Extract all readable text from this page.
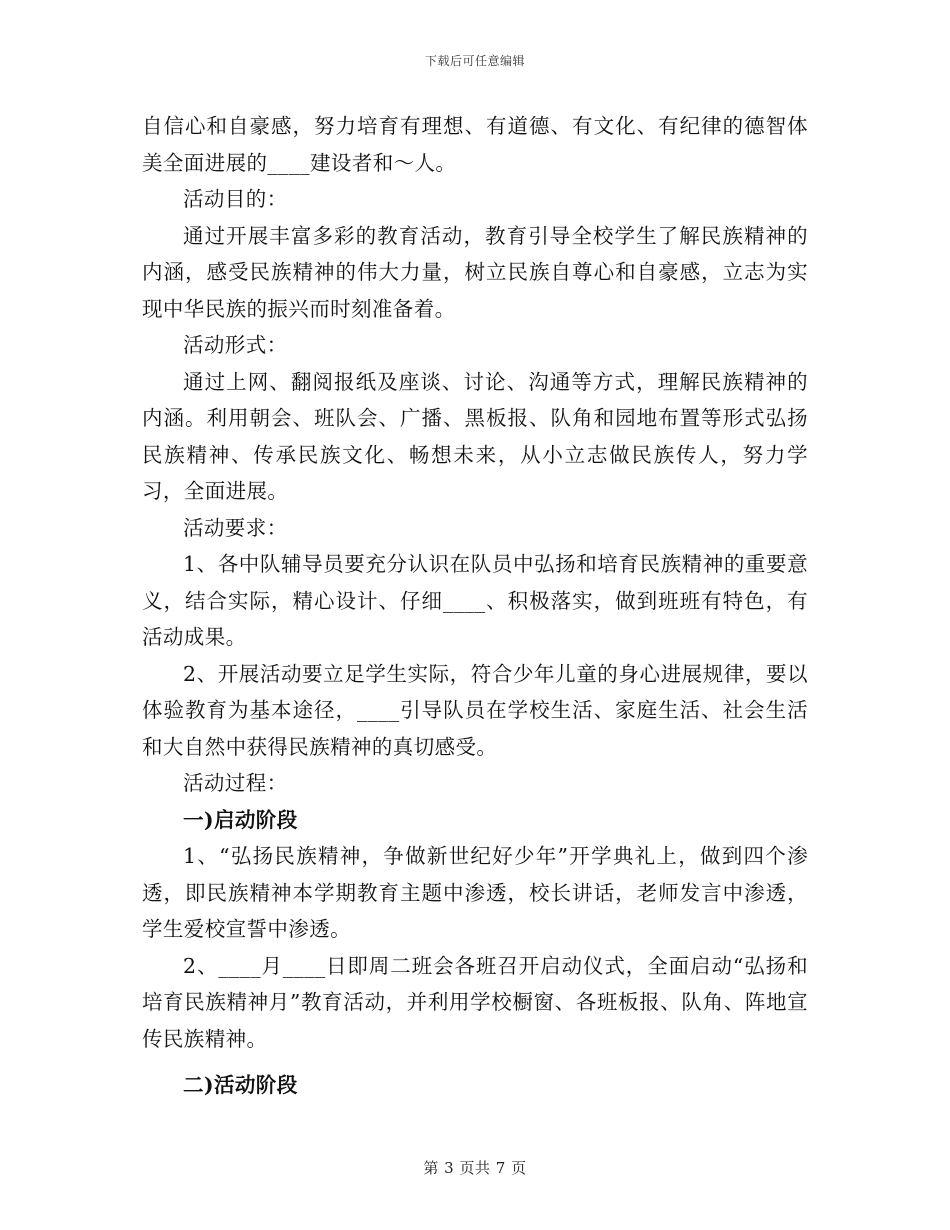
下载后可任意编辑

自信心和自豪感，努力培育有理想、有道德、有文化、有纪律的德智体美全面进展的____建设者和～人。

活动目的：

通过开展丰富多彩的教育活动，教育引导全校学生了解民族精神的内涵，感受民族精神的伟大力量，树立民族自尊心和自豪感，立志为实现中华民族的振兴而时刻准备着。

活动形式：

通过上网、翻阅报纸及座谈、讨论、沟通等方式，理解民族精神的内涵。利用朝会、班队会、广播、黑板报、队角和园地布置等形式弘扬民族精神、传承民族文化、畅想未来，从小立志做民族传人，努力学习，全面进展。

活动要求：

1、各中队辅导员要充分认识在队员中弘扬和培育民族精神的重要意义，结合实际，精心设计、仔细____、积极落实，做到班班有特色，有活动成果。

2、开展活动要立足学生实际，符合少年儿童的身心进展规律，要以体验教育为基本途径，____引导队员在学校生活、家庭生活、社会生活和大自然中获得民族精神的真切感受。

活动过程：

一)启动阶段

1、“弘扬民族精神，争做新世纪好少年”开学典礼上，做到四个渗透，即民族精神本学期教育主题中渗透，校长讲话，老师发言中渗透，学生爱校宣誓中渗透。

2、____月____日即周二班会各班召开启动仪式，全面启动“弘扬和培育民族精神月”教育活动，并利用学校橱窗、各班板报、队角、阵地宣传民族精神。

二)活动阶段

第 3 页共 7 页
